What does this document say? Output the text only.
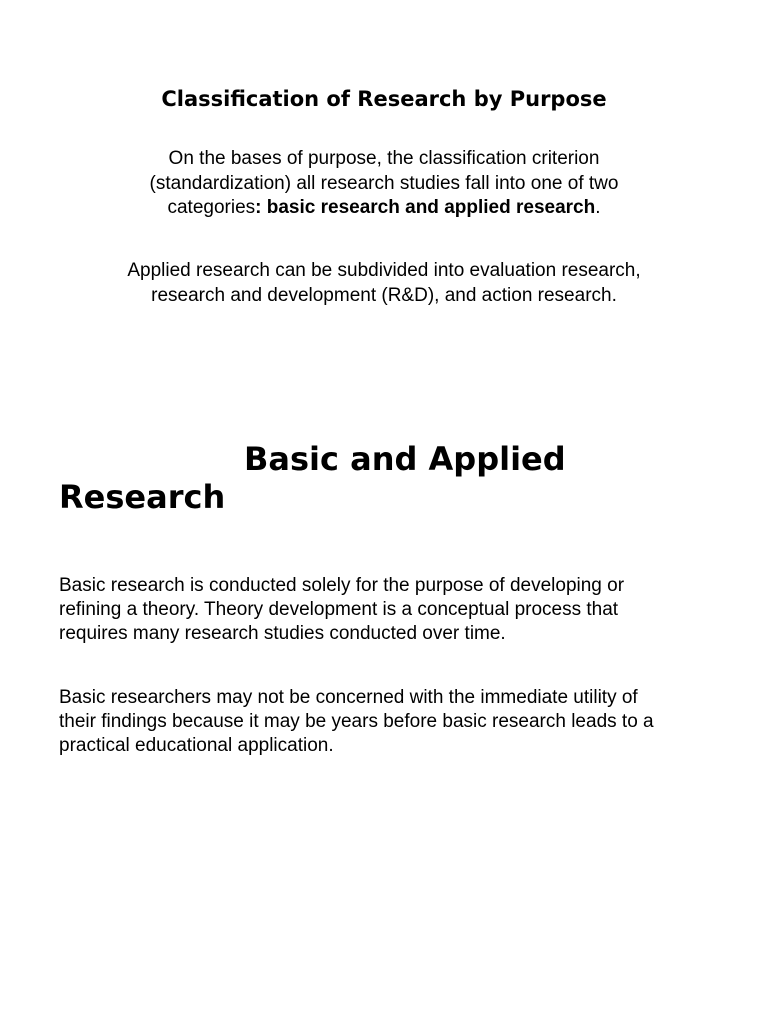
Classification of Research by Purpose

On the bases of purpose, the classification criterion
(standardization) all research studies fall into one of two
categories: basic research and applied research.

Applied research can be subdivided into evaluation research,
research and development (R&D), and action research.

Basic and Applied
Research

Basic research is conducted solely for the purpose of developing or
refining a theory. Theory development is a conceptual process that
requires many research studies conducted over time.

Basic researchers may not be concerned with the immediate utility of
their findings because it may be years before basic research leads to a
practical educational application.
